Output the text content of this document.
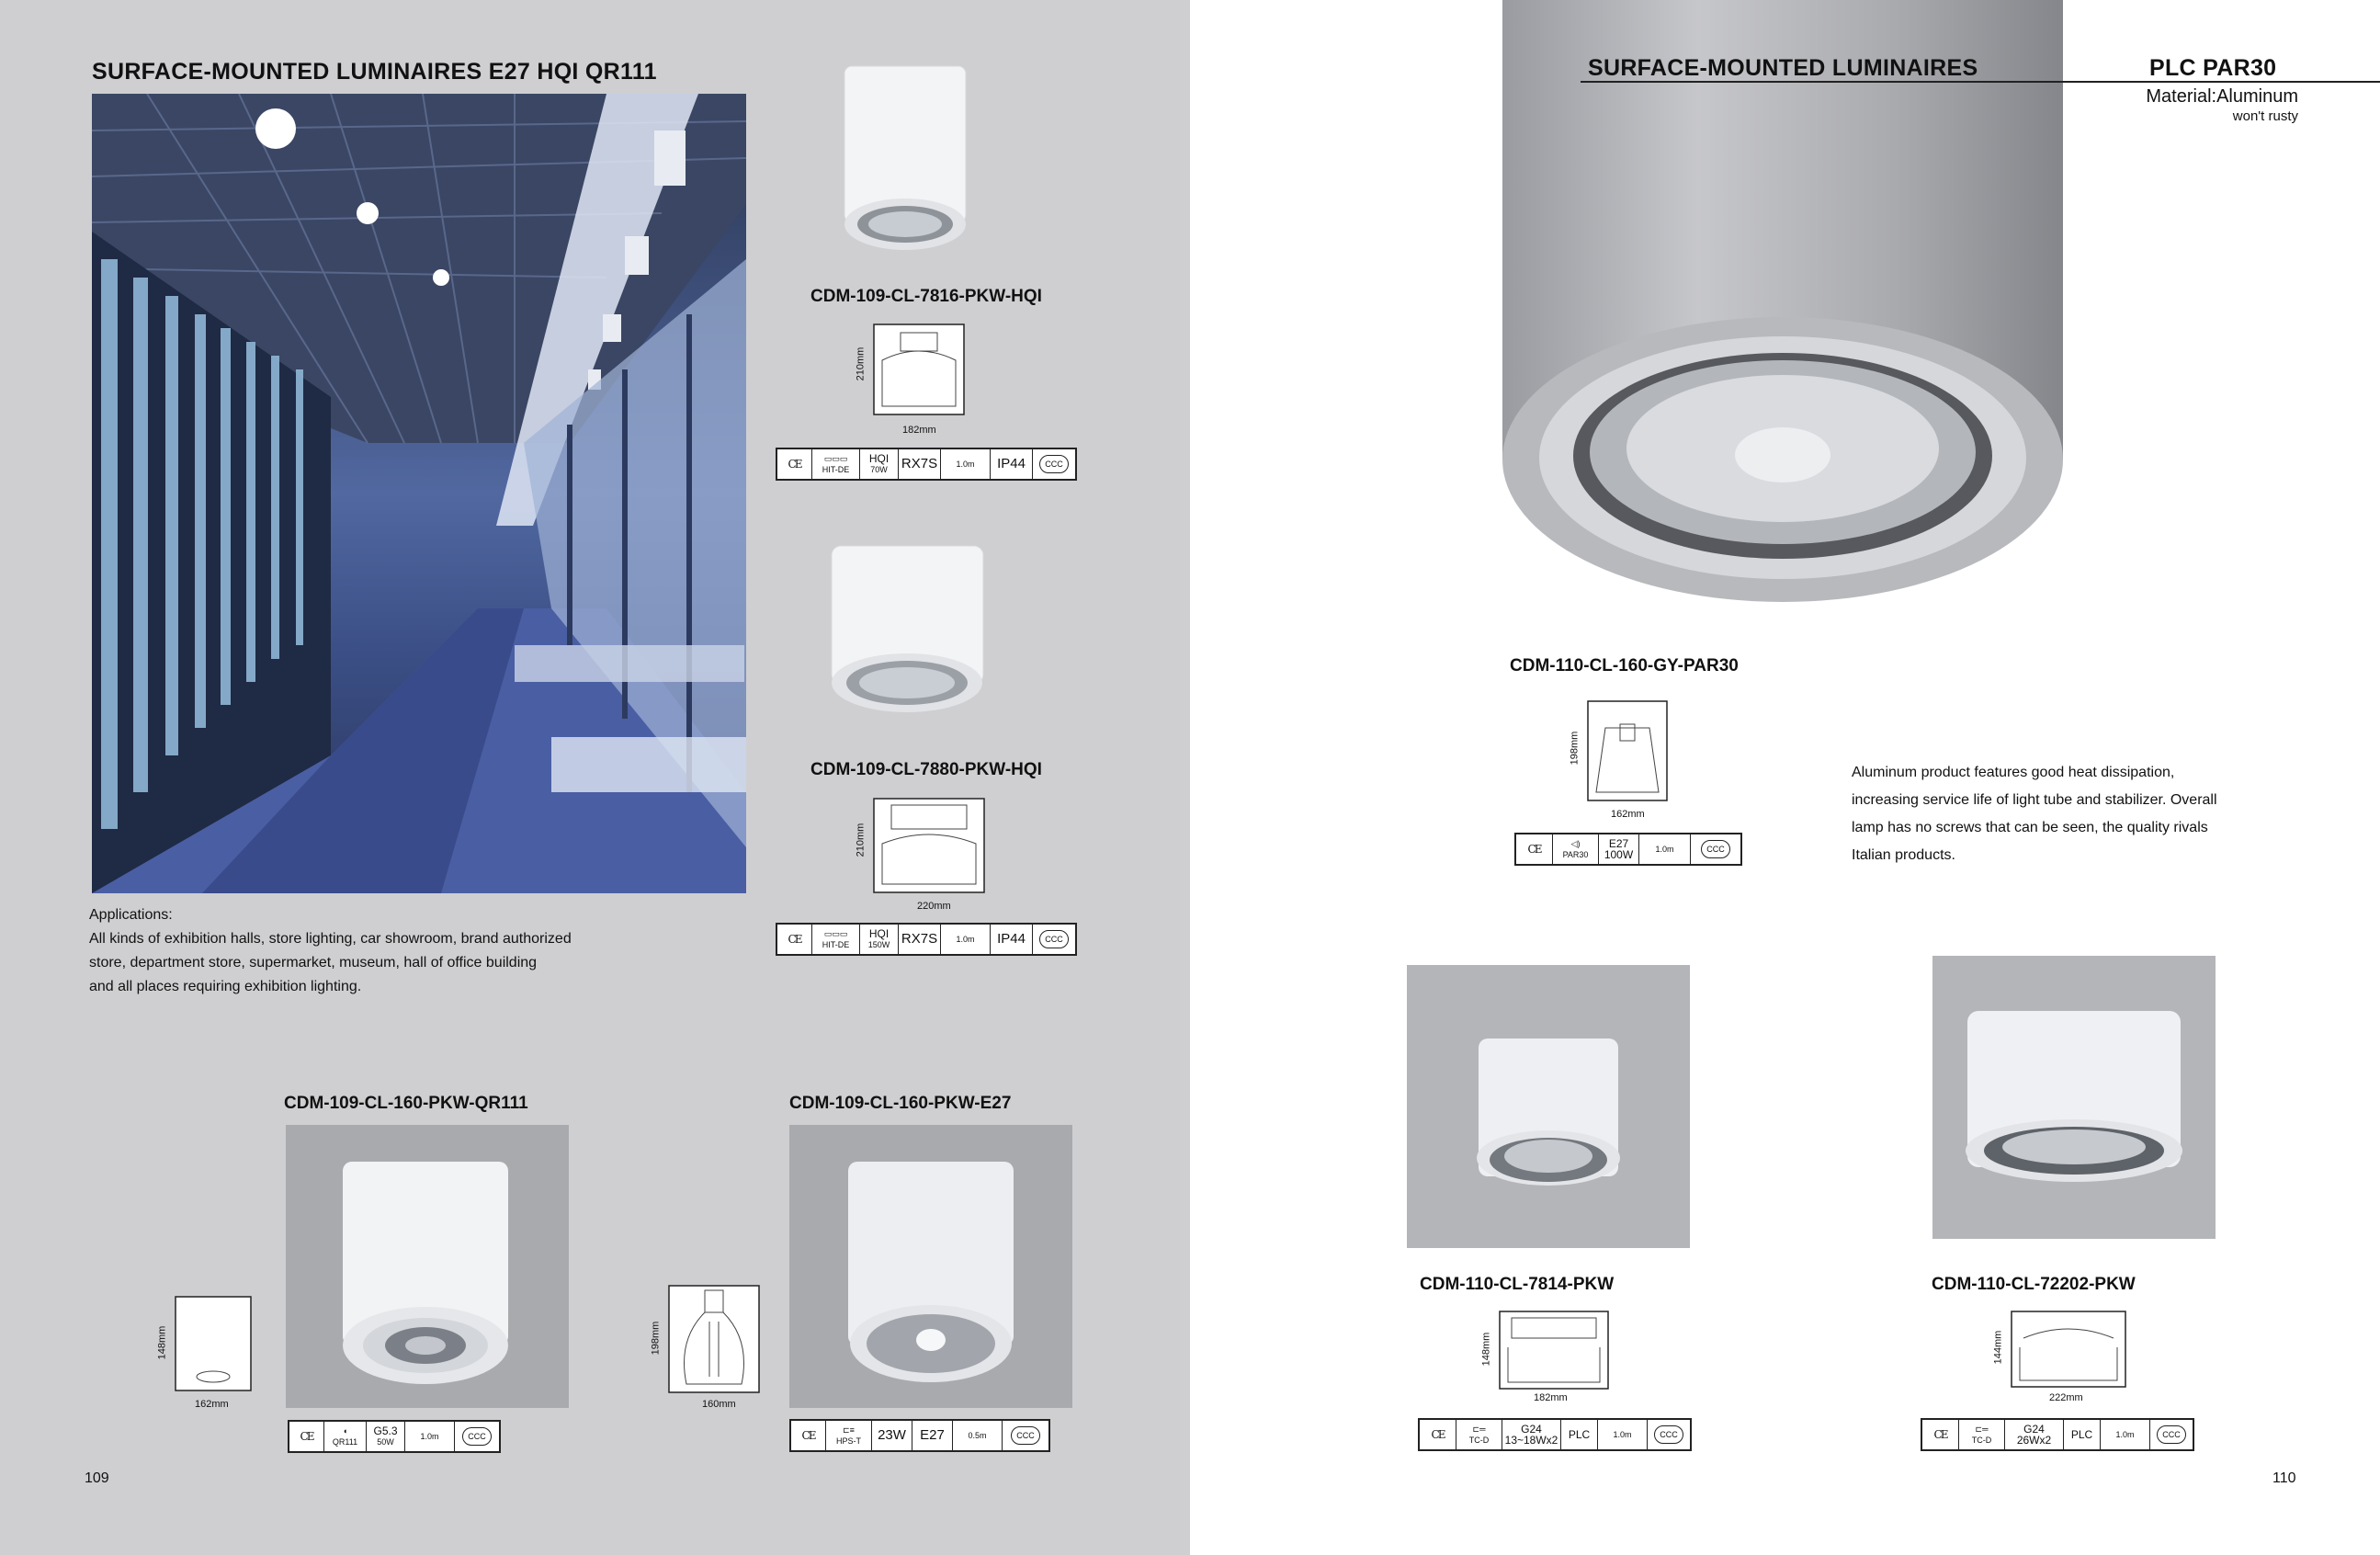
SURFACE-MOUNTED LUMINAIRES E27 HQI QR111
Applications:
All kinds of exhibition halls, store lighting, car showroom, brand authorized
store, department store, supermarket, museum, hall of office building
and all places requiring exhibition lighting.
CDM-109-CL-7816-PKW-HQI
210mm
182mm
CE	▭▭▭
HIT-DE
HQI
70W RX7S	1.0m	IP44	CCC
CDM-109-CL-7880-PKW-HQI
210mm
220mm
CE	▭▭▭
HIT-DE
HQI
150W RX7S	1.0m	IP44	CCC
CDM-109-CL-160-PKW-QR111
148mm
162mm
CE	◖
QR111
G5.3
50W
1.0m	CCC
CDM-109-CL-160-PKW-E27
198mm
160mm
CE	⊏≡
HPS-T	23W	E27	0.5m	CCC
109
SURFACE-MOUNTED LUMINAIRES	PLC PAR30
Material:Aluminum
won't rusty
CDM-110-CL-160-GY-PAR30
198mm
162mm
CE	◁)
PAR30
E27
100W	1.0m	CCC
Aluminum product features good heat dissipation,
increasing service life of light tube and stabilizer. Overall
lamp has no screws that can be seen, the quality rivals
Italian products.
CDM-110-CL-7814-PKW
148mm
182mm
CE	⊏═
TC-D
G24
13~18Wx2 PLC	1.0m	CCC
CDM-110-CL-72202-PKW
144mm
222mm
CE	⊏═
TC-D
G24
26Wx2	PLC	1.0m	CCC
110
